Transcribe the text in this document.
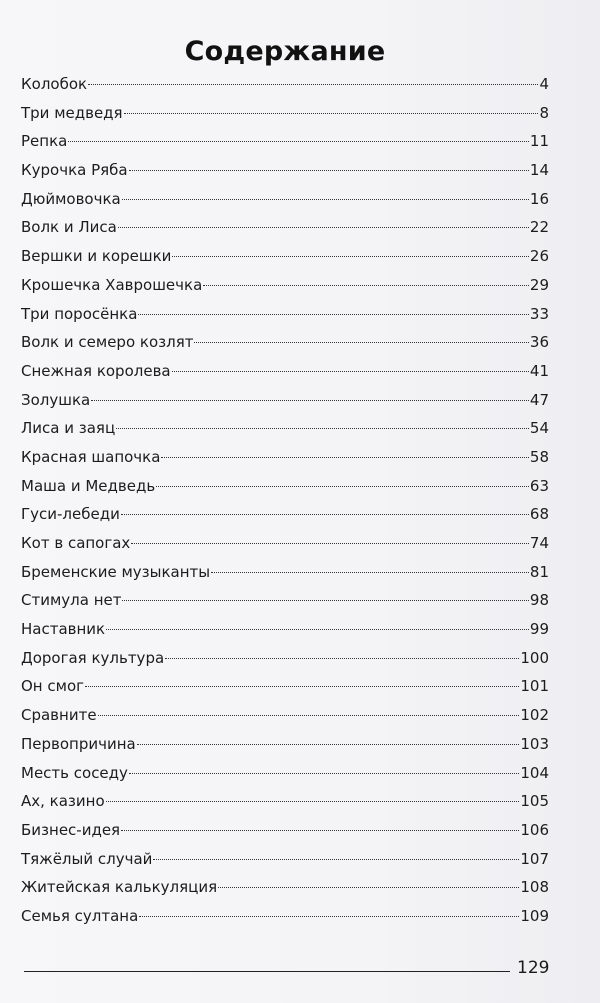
Содержание
Колобок	4
Три медведя	8
Репка	11
Курочка Ряба	14
Дюймовочка	16
Волк и Лиса	22
Вершки и корешки	26
Крошечка Хаврошечка	29
Три поросёнка	33
Волк и семеро козлят	36
Снежная королева	41
Золушка	47
Лиса и заяц	54
Красная шапочка	58
Маша и Медведь	63
Гуси-лебеди	68
Кот в сапогах	74
Бременские музыканты	81
Стимула нет	98
Наставник	99
Дорогая культура	100
Он смог	101
Сравните	102
Первопричина	103
Месть соседу	104
Ах, казино	105
Бизнес-идея	106
Тяжёлый случай	107
Житейская калькуляция	108
Семья султана	109
129
